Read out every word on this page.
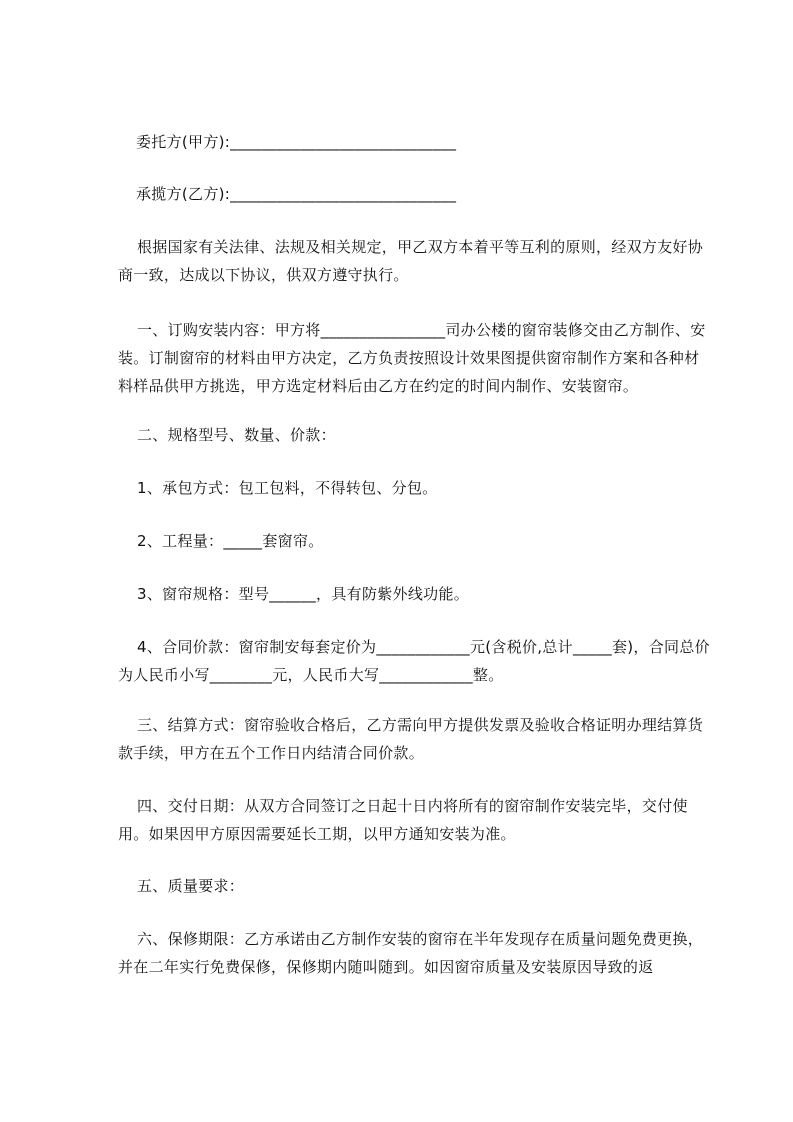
委托方(甲方):_____________________________

承揽方(乙方):_____________________________

根据国家有关法律、法规及相关规定，甲乙双方本着平等互利的原则，经双方友好协商一致，达成以下协议，供双方遵守执行。

一、订购安装内容：甲方将________________司办公楼的窗帘装修交由乙方制作、安装。订制窗帘的材料由甲方决定，乙方负责按照设计效果图提供窗帘制作方案和各种材料样品供甲方挑选，甲方选定材料后由乙方在约定的时间内制作、安装窗帘。

二、规格型号、数量、价款：

1、承包方式：包工包料，不得转包、分包。

2、工程量：_____套窗帘。

3、窗帘规格：型号______，具有防紫外线功能。

4、合同价款：窗帘制安每套定价为____________元(含税价,总计_____套)，合同总价为人民币小写________元，人民币大写____________整。

三、结算方式：窗帘验收合格后，乙方需向甲方提供发票及验收合格证明办理结算货款手续，甲方在五个工作日内结清合同价款。

四、交付日期：从双方合同签订之日起十日内将所有的窗帘制作安装完毕，交付使用。如果因甲方原因需要延长工期，以甲方通知安装为准。

五、质量要求：

六、保修期限：乙方承诺由乙方制作安装的窗帘在半年发现存在质量问题免费更换，并在二年实行免费保修，保修期内随叫随到。如因窗帘质量及安装原因导致的返
